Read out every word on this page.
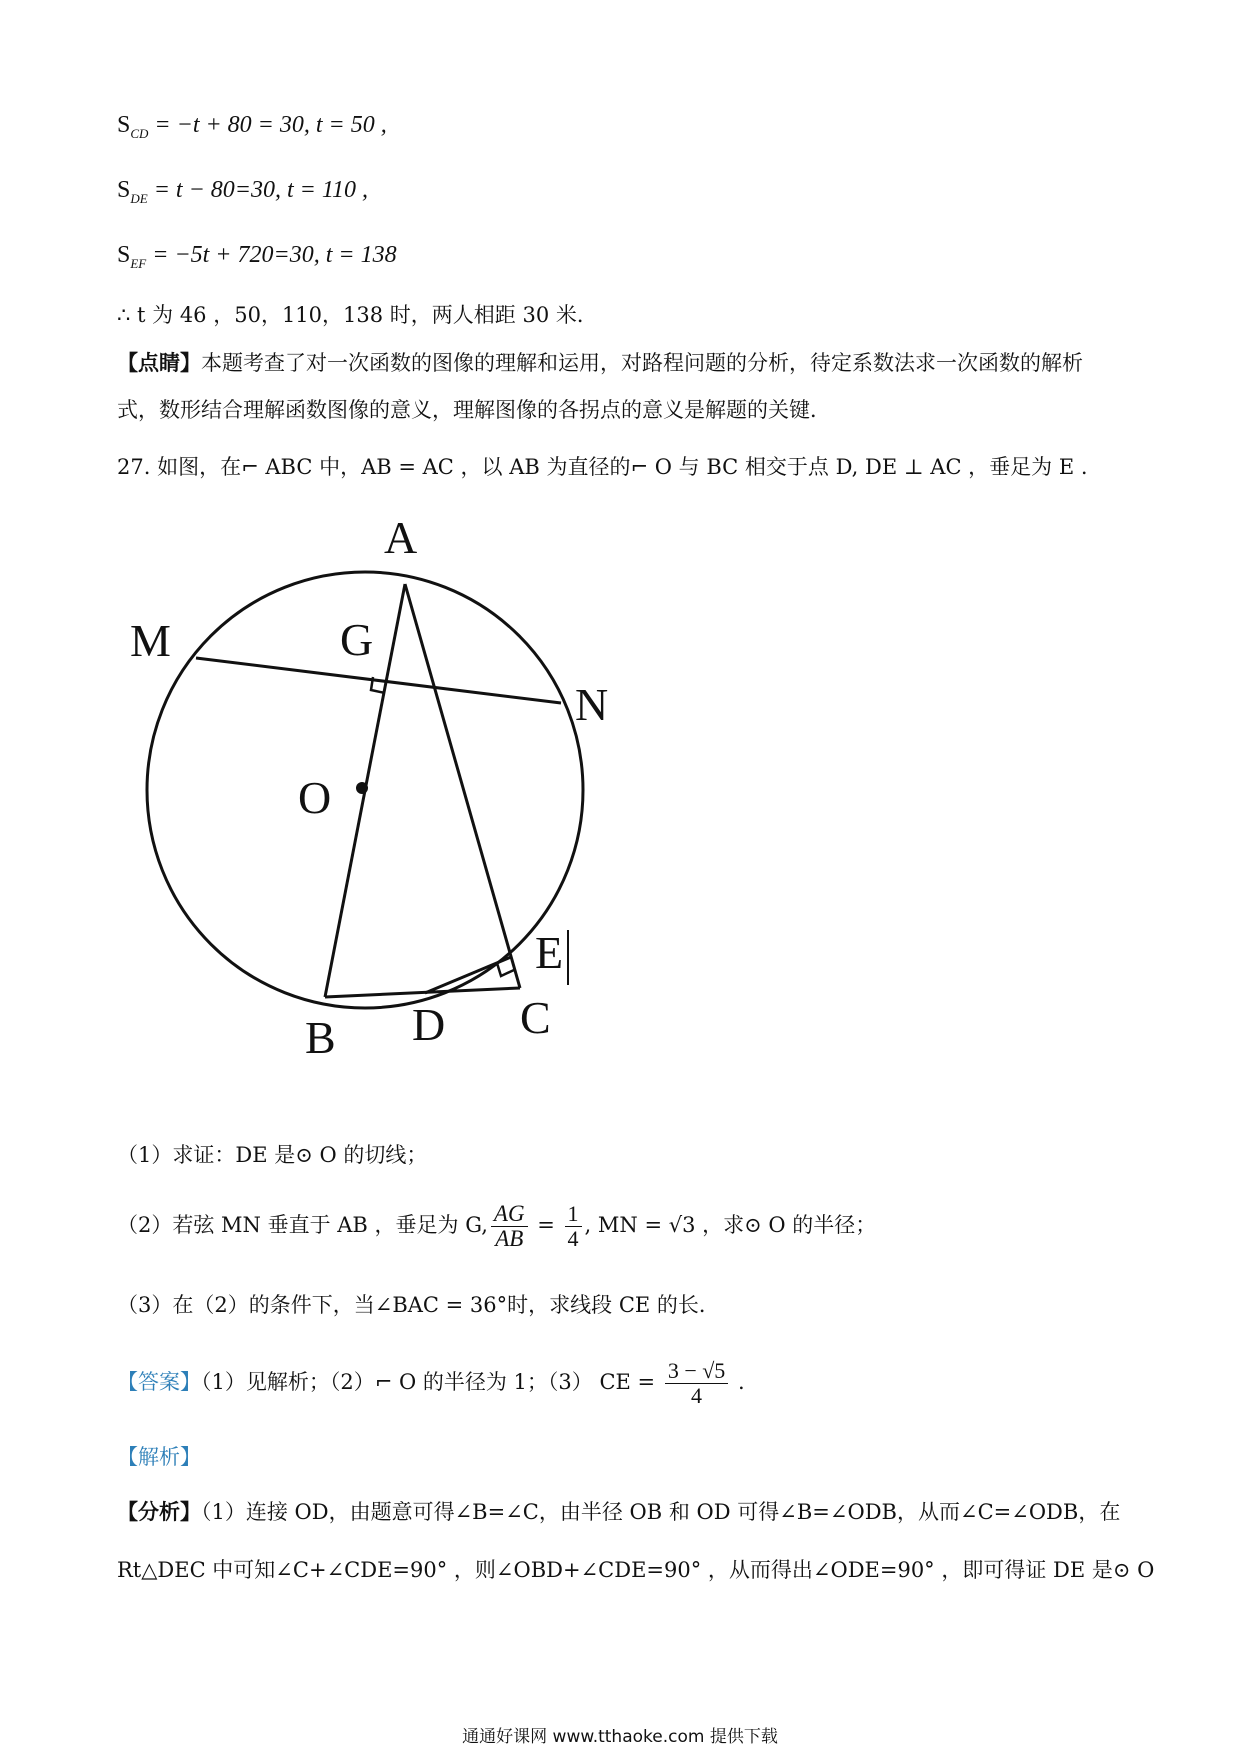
$S_{CD} = -t + 80 = 30$, t = 50 ,
$S_{DE} = t - 80=30$, t = 110 ,
$S_{EF} = -5t + 720=30$, t = 138
∴ t 为 46 ，50，110，138 时，两人相距 30 米．
【点睛】本题考查了对一次函数的图像的理解和运用，对路程问题的分析，待定系数法求一次函数的解析
式，数形结合理解函数图像的意义，理解图像的各拐点的意义是解题的关键．
27. 如图，在⌐ ABC 中，AB = AC ，以 AB 为直径的⌐ O 与 BC 相交于点 D, DE ⊥ AC ，垂足为 E .
A
M	G
N
O
E
B D C
（1）求证：DE 是⊙ O 的切线；
（2）若弦 MN 垂直于 AB ，垂足为 G, $\frac{AG}{AB} = \frac{1}{4}$ , MN = √3 ，求⊙ O 的半径；
（3）在（2）的条件下，当∠BAC = 36°时，求线段 CE 的长．
【答案】（1）见解析；（2）⌐ O 的半径为 1；（3） CE = $\frac{3 - √5}{4}$ .
【解析】
【分析】（1）连接 OD，由题意可得∠B=∠C，由半径 OB 和 OD 可得∠B=∠ODB，从而∠C=∠ODB，在
Rt△DEC 中可知∠C+∠CDE=90° ，则∠OBD+∠CDE=90° ，从而得出∠ODE=90° ，即可得证 DE 是⊙ O
通通好课网 www.tthaoke.com 提供下载
